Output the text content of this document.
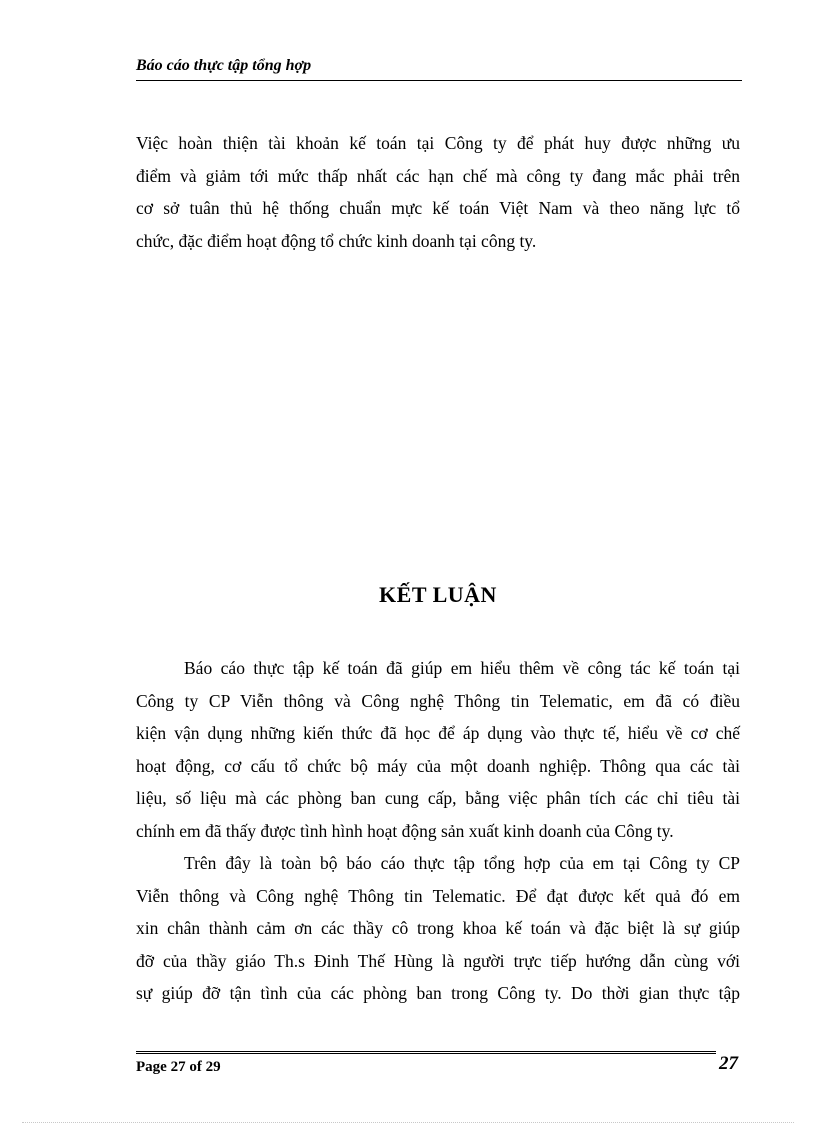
Báo cáo thực tập tổng hợp

Việc hoàn thiện tài khoản kế toán tại Công ty để phát huy được những ưu
điểm và giảm tới mức thấp nhất các hạn chế mà công ty đang mắc phải trên
cơ sở tuân thủ hệ thống chuẩn mực kế toán Việt Nam và theo năng lực tổ
chức, đặc điểm hoạt động tổ chức kinh doanh tại công ty.

KẾT LUẬN

Báo cáo thực tập kế toán đã giúp em hiểu thêm về công tác kế toán tại
Công ty CP Viễn thông và Công nghệ Thông tin Telematic, em đã có điều
kiện vận dụng những kiến thức đã học để áp dụng vào thực tế, hiểu về cơ chế
hoạt động, cơ cấu tổ chức bộ máy của một doanh nghiệp. Thông qua các tài
liệu, số liệu mà các phòng ban cung cấp, bằng việc phân tích các chỉ tiêu tài
chính em đã thấy được tình hình hoạt động sản xuất kinh doanh của Công ty.

Trên đây là toàn bộ báo cáo thực tập tổng hợp của em tại Công ty CP
Viễn thông và Công nghệ Thông tin Telematic. Để đạt được kết quả đó em
xin chân thành cảm ơn các thầy cô trong khoa kế toán và đặc biệt là sự giúp
đỡ của thầy giáo Th.s Đinh Thế Hùng là người trực tiếp hướng dẫn cùng với
sự giúp đỡ tận tình của các phòng ban trong Công ty. Do thời gian thực tập

Page 27 of 29	27
